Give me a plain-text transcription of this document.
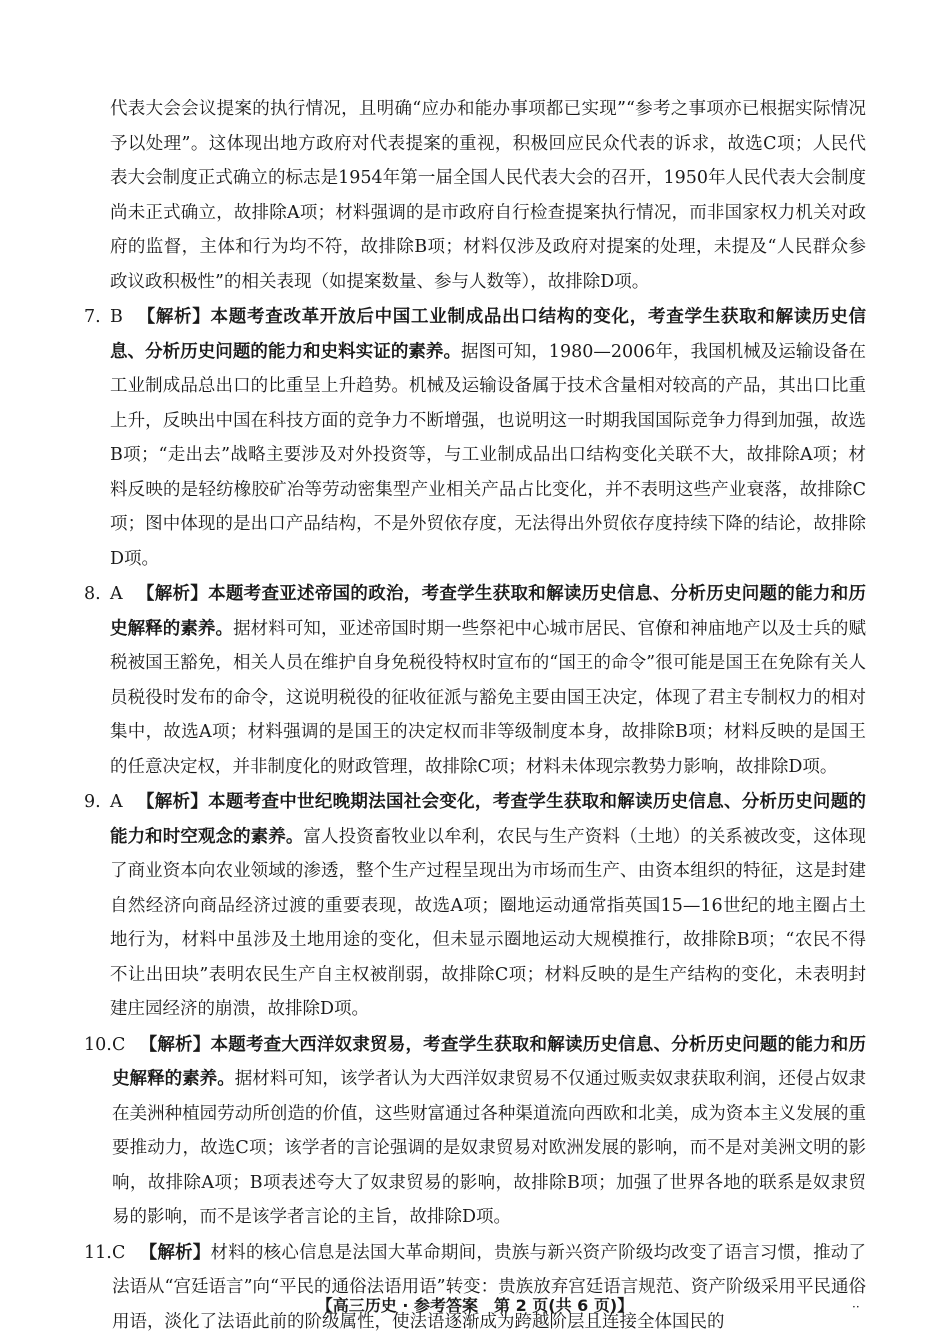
代表大会会议提案的执行情况，且明确“应办和能办事项都已实现”“参考之事项亦已根据实际情况予以处理”。这体现出地方政府对代表提案的重视，积极回应民众代表的诉求，故选C项；人民代表大会制度正式确立的标志是1954年第一届全国人民代表大会的召开，1950年人民代表大会制度尚未正式确立，故排除A项；材料强调的是市政府自行检查提案执行情况，而非国家权力机关对政府的监督，主体和行为均不符，故排除B项；材料仅涉及政府对提案的处理，未提及“人民群众参政议政积极性”的相关表现（如提案数量、参与人数等），故排除D项。
7. B 【解析】本题考查改革开放后中国工业制成品出口结构的变化，考查学生获取和解读历史信息、分析历史问题的能力和史料实证的素养。据图可知，1980—2006年，我国机械及运输设备在工业制成品总出口的比重呈上升趋势。机械及运输设备属于技术含量相对较高的产品，其出口比重上升，反映出中国在科技方面的竞争力不断增强，也说明这一时期我国国际竞争力得到加强，故选B项；“走出去”战略主要涉及对外投资等，与工业制成品出口结构变化关联不大，故排除A项；材料反映的是轻纺橡胶矿冶等劳动密集型产业相关产品占比变化，并不表明这些产业衰落，故排除C项；图中体现的是出口产品结构，不是外贸依存度，无法得出外贸依存度持续下降的结论，故排除D项。
8. A 【解析】本题考查亚述帝国的政治，考查学生获取和解读历史信息、分析历史问题的能力和历史解释的素养。据材料可知，亚述帝国时期一些祭祀中心城市居民、官僚和神庙地产以及士兵的赋税被国王豁免，相关人员在维护自身免税役特权时宣布的“国王的命令”很可能是国王在免除有关人员税役时发布的命令，这说明税役的征收征派与豁免主要由国王决定，体现了君主专制权力的相对集中，故选A项；材料强调的是国王的决定权而非等级制度本身，故排除B项；材料反映的是国王的任意决定权，并非制度化的财政管理，故排除C项；材料未体现宗教势力影响，故排除D项。
9. A 【解析】本题考查中世纪晚期法国社会变化，考查学生获取和解读历史信息、分析历史问题的能力和时空观念的素养。富人投资畜牧业以牟利，农民与生产资料（土地）的关系被改变，这体现了商业资本向农业领域的渗透，整个生产过程呈现出为市场而生产、由资本组织的特征，这是封建自然经济向商品经济过渡的重要表现，故选A项；圈地运动通常指英国15—16世纪的地主圈占土地行为，材料中虽涉及土地用途的变化，但未显示圈地运动大规模推行，故排除B项；“农民不得不让出田块”表明农民生产自主权被削弱，故排除C项；材料反映的是生产结构的变化，未表明封建庄园经济的崩溃，故排除D项。
10. C 【解析】本题考查大西洋奴隶贸易，考查学生获取和解读历史信息、分析历史问题的能力和历史解释的素养。据材料可知，该学者认为大西洋奴隶贸易不仅通过贩卖奴隶获取利润，还侵占奴隶在美洲种植园劳动所创造的价值，这些财富通过各种渠道流向西欧和北美，成为资本主义发展的重要推动力，故选C项；该学者的言论强调的是奴隶贸易对欧洲发展的影响，而不是对美洲文明的影响，故排除A项；B项表述夸大了奴隶贸易的影响，故排除B项；加强了世界各地的联系是奴隶贸易的影响，而不是该学者言论的主旨，故排除D项。
11. C 【解析】材料的核心信息是法国大革命期间，贵族与新兴资产阶级均改变了语言习惯，推动了法语从“宫廷语言”向“平民的通俗法语用语”转变：贵族放弃宫廷语言规范、资产阶级采用平民通俗用语，淡化了法语此前的阶级属性，使法语逐渐成为跨越阶层且连接全体国民的
【高三历史 · 参考答案　第 2 页(共 6 页)】	··
